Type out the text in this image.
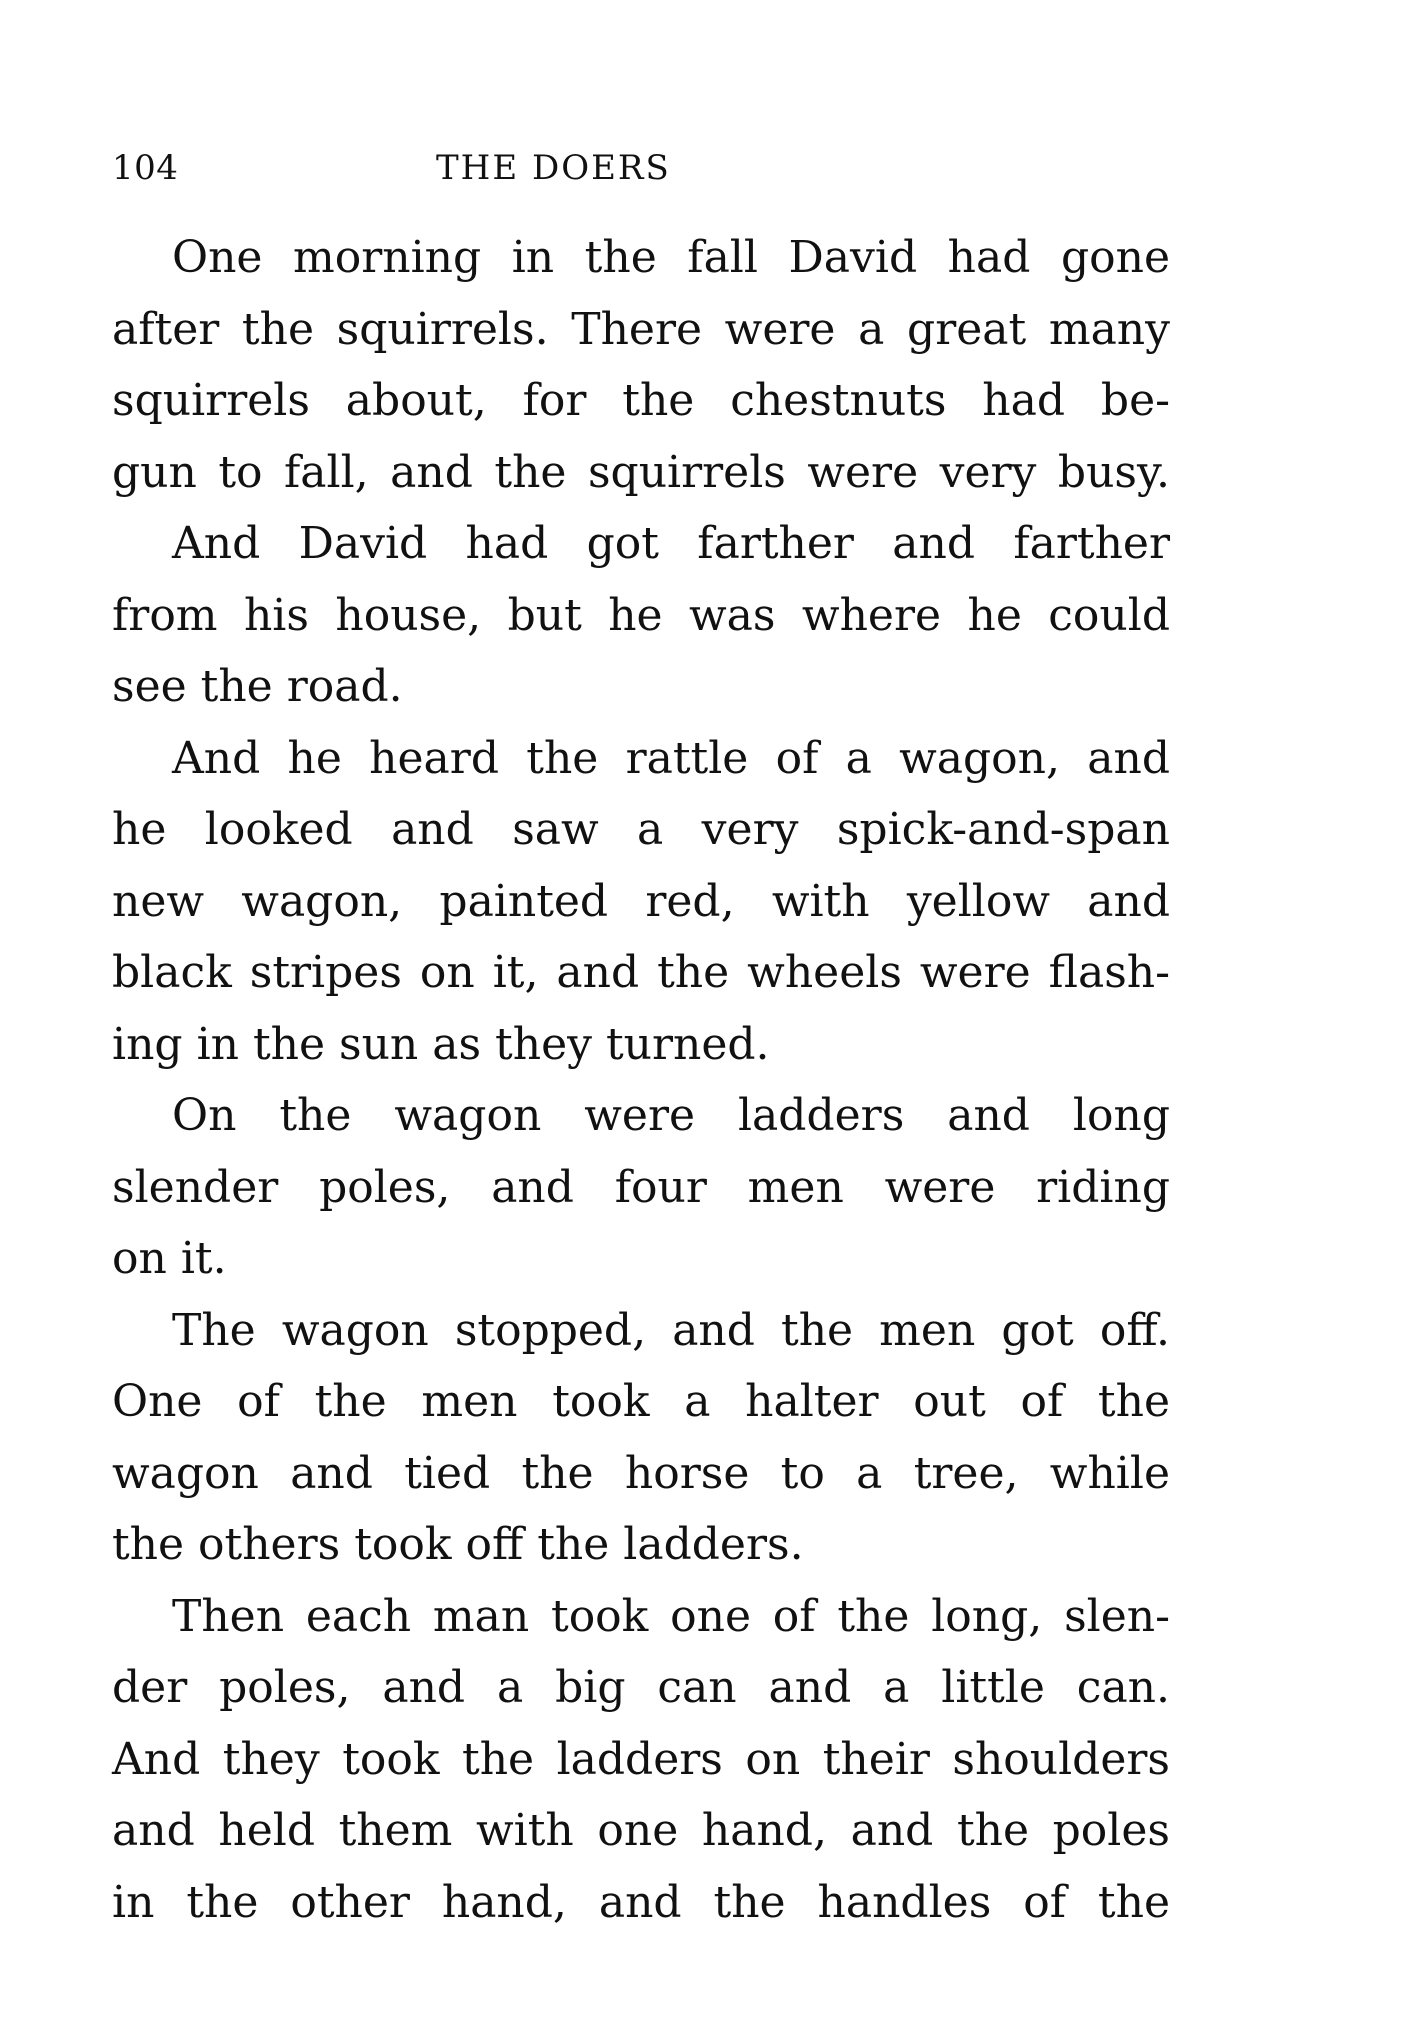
104	THE DOERS
One morning in the fall David had gone
after the squirrels. There were a great many
squirrels about, for the chestnuts had be-
gun to fall, and the squirrels were very busy.
And David had got farther and farther
from his house, but he was where he could
see the road.
And he heard the rattle of a wagon, and
he looked and saw a very spick-and-span
new wagon, painted red, with yellow and
black stripes on it, and the wheels were flash-
ing in the sun as they turned.
On the wagon were ladders and long
slender poles, and four men were riding
on it.
The wagon stopped, and the men got off.
One of the men took a halter out of the
wagon and tied the horse to a tree, while
the others took off the ladders.
Then each man took one of the long, slen-
der poles, and a big can and a little can.
And they took the ladders on their shoulders
and held them with one hand, and the poles
in the other hand, and the handles of the
